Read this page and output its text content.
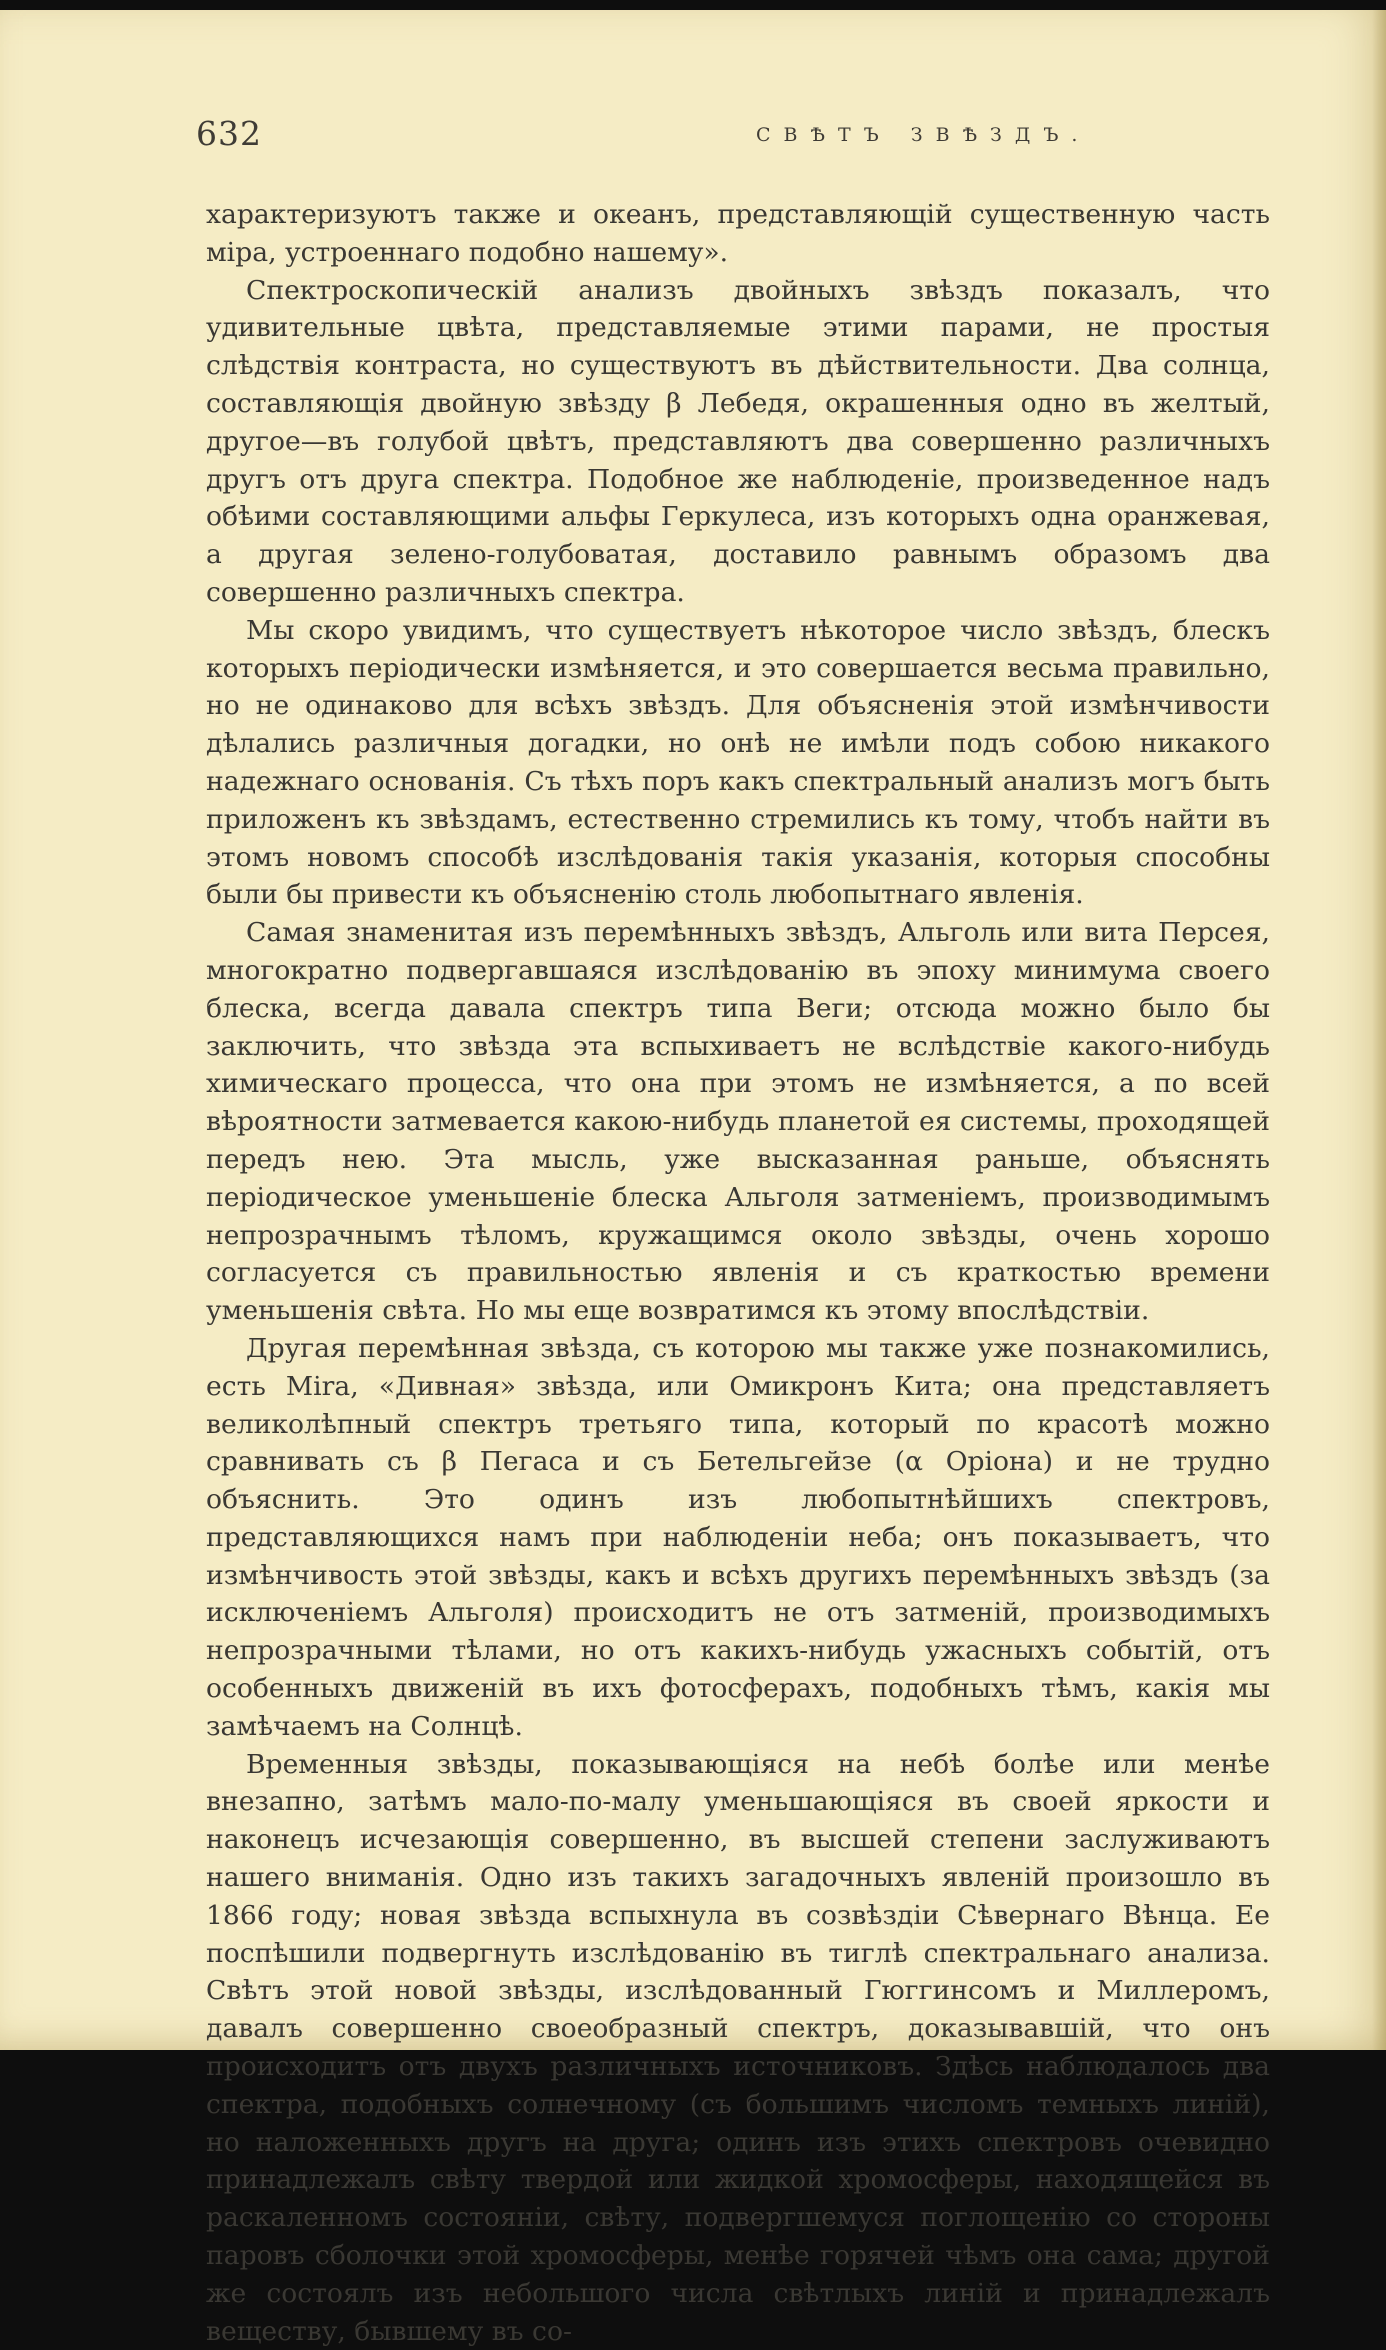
632	СВѢТЪ ЗВѢЗДЪ.

характеризуютъ также и океанъ, представляющій существенную часть міра, устроеннаго подобно нашему».

Спектроскопическій анализъ двойныхъ звѣздъ показалъ, что удивительные цвѣта, представляемые этими парами, не простыя слѣдствія контраста, но существуютъ въ дѣйствительности. Два солнца, составляющія двойную звѣзду β Лебедя, окрашенныя одно въ желтый, другое—въ голубой цвѣтъ, представляютъ два совершенно различныхъ другъ отъ друга спектра. Подобное же наблюденіе, произведенное надъ обѣими составляющими альфы Геркулеса, изъ которыхъ одна оранжевая, а другая зелено-голубоватая, доставило равнымъ образомъ два совершенно различныхъ спектра.

Мы скоро увидимъ, что существуетъ нѣкоторое число звѣздъ, блескъ которыхъ періодически измѣняется, и это совершается весьма правильно, но не одинаково для всѣхъ звѣздъ. Для объясненія этой измѣнчивости дѣлались различныя догадки, но онѣ не имѣли подъ собою никакого надежнаго основанія. Съ тѣхъ поръ какъ спектральный анализъ могъ быть приложенъ къ звѣздамъ, естественно стремились къ тому, чтобъ найти въ этомъ новомъ способѣ изслѣдованія такія указанія, которыя способны были бы привести къ объясненію столь любопытнаго явленія.

Самая знаменитая изъ перемѣнныхъ звѣздъ, Альголь или вита Персея, многократно подвергавшаяся изслѣдованію въ эпоху минимума своего блеска, всегда давала спектръ типа Веги; отсюда можно было бы заключить, что звѣзда эта вспыхиваетъ не вслѣдствіе какого-нибудь химическаго процесса, что она при этомъ не измѣняется, а по всей вѣроятности затмевается какою-нибудь планетой ея системы, проходящей передъ нею. Эта мысль, уже высказанная раньше, объяснять періодическое уменьшеніе блеска Альголя затменіемъ, производимымъ непрозрачнымъ тѣломъ, кружащимся около звѣзды, очень хорошо согласуется съ правильностью явленія и съ краткостью времени уменьшенія свѣта. Но мы еще возвратимся къ этому впослѣдствіи.

Другая перемѣнная звѣзда, съ которою мы также уже познакомились, есть Mira, «Дивная» звѣзда, или Омикронъ Кита; она представляетъ великолѣпный спектръ третьяго типа, который по красотѣ можно сравнивать съ β Пегаса и съ Бетельгейзе (α Оріона) и не трудно объяснить. Это одинъ изъ любопытнѣйшихъ спектровъ, представляющихся намъ при наблюденіи неба; онъ показываетъ, что измѣнчивость этой звѣзды, какъ и всѣхъ другихъ перемѣнныхъ звѣздъ (за исключеніемъ Альголя) происходитъ не отъ затменій, производимыхъ непрозрачными тѣлами, но отъ какихъ-нибудь ужасныхъ событій, отъ особенныхъ движеній въ ихъ фотосферахъ, подобныхъ тѣмъ, какія мы замѣчаемъ на Солнцѣ.

Временныя звѣзды, показывающіяся на небѣ болѣе или менѣе внезапно, затѣмъ мало-по-малу уменьшающіяся въ своей яркости и наконецъ исчезающія совершенно, въ высшей степени заслуживаютъ нашего вниманія. Одно изъ такихъ загадочныхъ явленій произошло въ 1866 году; новая звѣзда вспыхнула въ созвѣздіи Сѣвернаго Вѣнца. Ее поспѣшили подвергнуть изслѣдованію въ тиглѣ спектральнаго анализа. Свѣтъ этой новой звѣзды, изслѣдованный Гюггинсомъ и Миллеромъ, давалъ совершенно своеобразный спектръ, доказывавшій, что онъ происходитъ отъ двухъ различныхъ источниковъ. Здѣсь наблюдалось два спектра, подобныхъ солнечному (съ большимъ числомъ темныхъ линій), но наложенныхъ другъ на друга; одинъ изъ этихъ спектровъ очевидно принадлежалъ свѣту твердой или жидкой хромосферы, находящейся въ раскаленномъ состояніи, свѣту, подвергшемуся поглощенію со стороны паровъ сболочки этой хромосферы, менѣе горячей чѣмъ она сама; другой же состоялъ изъ небольшого числа свѣтлыхъ линій и принадлежалъ веществу, бывшему въ со-
